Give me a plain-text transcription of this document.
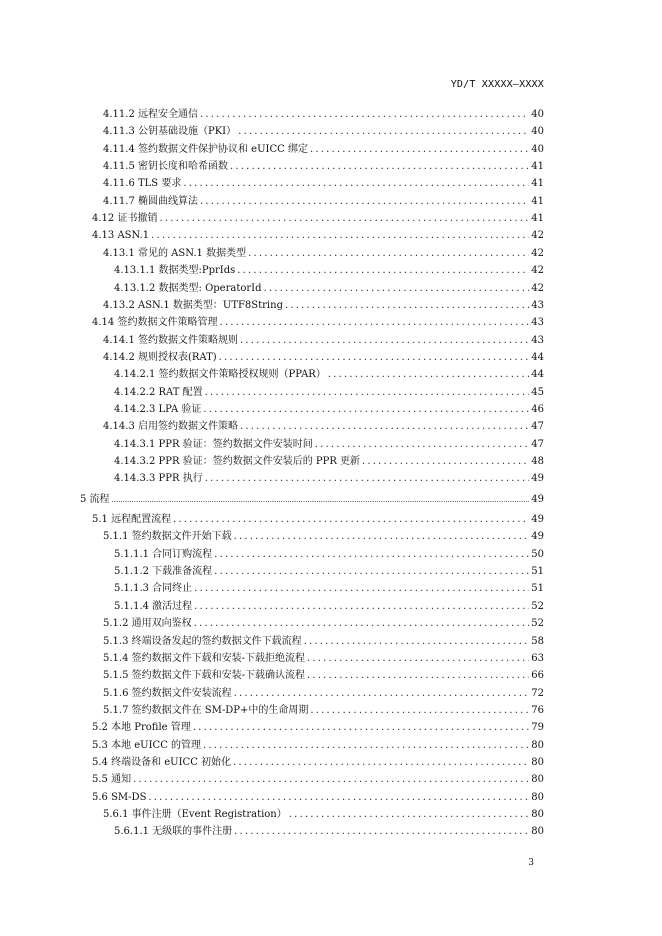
YD/T XXXXX—XXXX
4.11.2 远程安全通信 .....	40
4.11.3 公钥基础设施（PKI） .....	40
4.11.4 签约数据文件保护协议和 eUICC 绑定 .....	40
4.11.5 密钥长度和哈希函数 .....	41
4.11.6 TLS 要求 .....	41
4.11.7 椭圆曲线算法 .....	41
4.12 证书撤销 .....	41
4.13 ASN.1 .....	42
4.13.1 常见的 ASN.1 数据类型 .....	42
4.13.1.1 数据类型:PprIds .....	42
4.13.1.2 数据类型: OperatorId .....	42
4.13.2 ASN.1 数据类型：UTF8String .....	43
4.14 签约数据文件策略管理 .....	43
4.14.1 签约数据文件策略规则 .....	43
4.14.2 规则授权表(RAT) .....	44
4.14.2.1 签约数据文件策略授权规则（PPAR） .....	44
4.14.2.2 RAT 配置 .....	45
4.14.2.3 LPA 验证 .....	46
4.14.3 启用签约数据文件策略 .....	47
4.14.3.1 PPR 验证：签约数据文件安装时间 .....	47
4.14.3.2 PPR 验证：签约数据文件安装后的 PPR 更新 .....	48
4.14.3.3 PPR 执行 .....	49
5 流程 .....	49
5.1 远程配置流程 .....	49
5.1.1 签约数据文件开始下载 .....	49
5.1.1.1 合同订购流程 .....	50
5.1.1.2 下载准备流程 .....	51
5.1.1.3 合同终止 .....	51
5.1.1.4 激活过程 .....	52
5.1.2 通用双向鉴权 .....	52
5.1.3 终端设备发起的签约数据文件下载流程 .....	58
5.1.4 签约数据文件下载和安装-下载拒绝流程 .....	63
5.1.5 签约数据文件下载和安装-下载确认流程 .....	66
5.1.6 签约数据文件安装流程 .....	72
5.1.7 签约数据文件在 SM-DP+中的生命周期 .....	76
5.2 本地 Profile 管理 .....	79
5.3 本地 eUICC 的管理 .....	80
5.4 终端设备和 eUICC 初始化 .....	80
5.5 通知 .....	80
5.6 SM-DS .....	80
5.6.1 事件注册（Event Registration） .....	80
5.6.1.1 无级联的事件注册 .....	80
3
